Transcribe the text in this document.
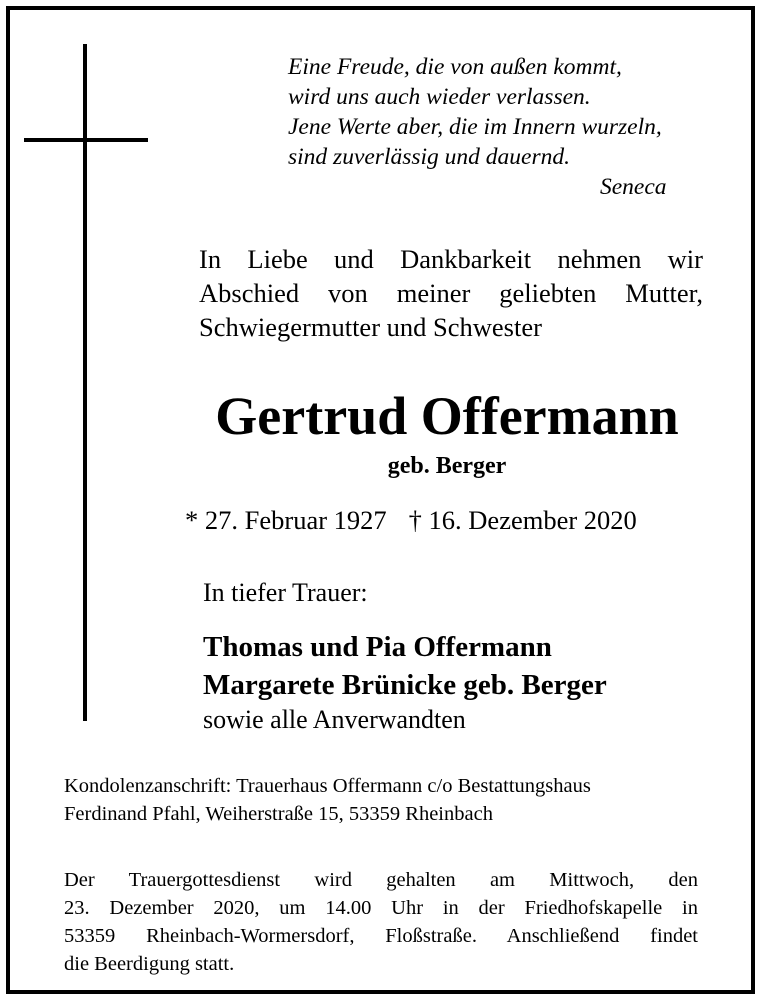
Eine Freude, die von außen kommt,
wird uns auch wieder verlassen.
Jene Werte aber, die im Innern wurzeln,
sind zuverlässig und dauernd.
Seneca
In Liebe und Dankbarkeit nehmen wir
Abschied von meiner geliebten Mutter,
Schwiegermutter und Schwester
Gertrud Offermann
geb. Berger
* 27. Februar 1927 † 16. Dezember 2020
In tiefer Trauer:
Thomas und Pia Offermann
Margarete Brünicke geb. Berger
sowie alle Anverwandten
Kondolenzanschrift: Trauerhaus Offermann c/o Bestattungshaus
Ferdinand Pfahl, Weiherstraße 15, 53359 Rheinbach
Der Trauergottesdienst wird gehalten am Mittwoch, den
23. Dezember 2020, um 14.00 Uhr in der Friedhofskapelle in
53359 Rheinbach-Wormersdorf, Floßstraße. Anschließend findet
die Beerdigung statt.
